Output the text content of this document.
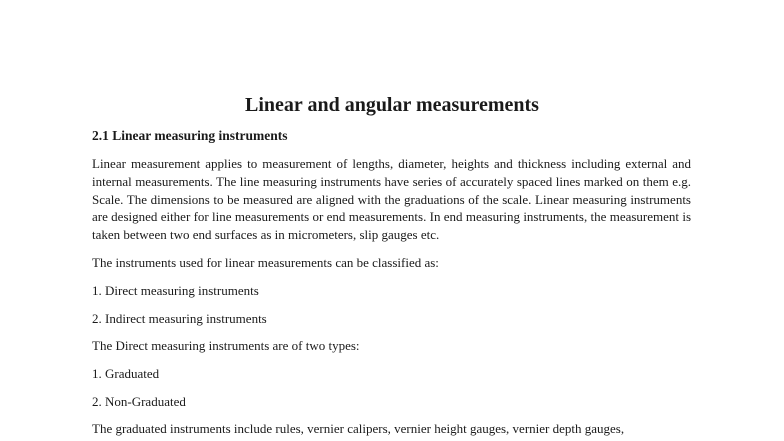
Linear and angular measurements
2.1 Linear measuring instruments

Linear measurement applies to measurement of lengths, diameter, heights and thickness including external and internal measurements. The line measuring instruments have series of accurately spaced lines marked on them e.g. Scale. The dimensions to be measured are aligned with the graduations of the scale. Linear measuring instruments are designed either for line measurements or end measurements. In end measuring instruments, the measurement is taken between two end surfaces as in micrometers, slip gauges etc.

The instruments used for linear measurements can be classified as:

1. Direct measuring instruments

2. Indirect measuring instruments

The Direct measuring instruments are of two types:

1. Graduated

2. Non-Graduated

The graduated instruments include rules, vernier calipers, vernier height gauges, vernier depth gauges,
